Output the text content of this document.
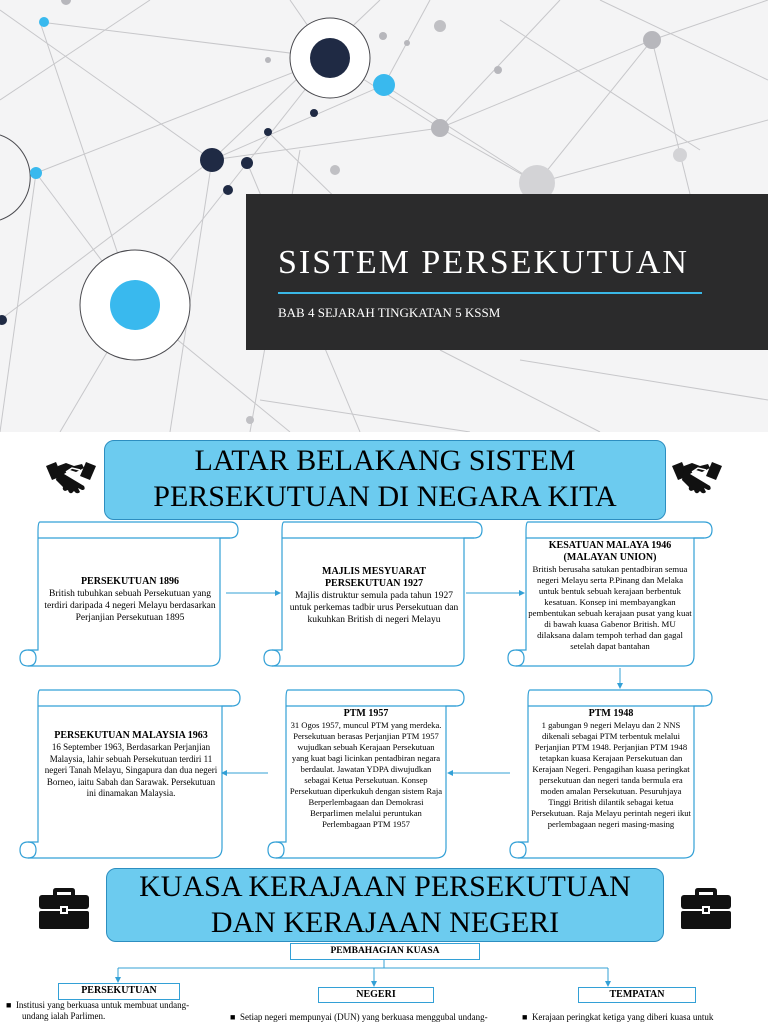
SISTEM PERSEKUTUAN
BAB 4 SEJARAH TINGKATAN 5 KSSM
LATAR BELAKANG SISTEM
PERSEKUTUAN DI NEGARA KITA
PERSEKUTUAN 1896
British tubuhkan sebuah Persekutuan yang terdiri daripada 4 negeri Melayu berdasarkan Perjanjian Persekutuan 1895
MAJLIS MESYUARAT PERSEKUTUAN 1927
Majlis distruktur semula pada tahun 1927 untuk perkemas tadbir urus Persekutuan dan kukuhkan British di negeri Melayu
KESATUAN MALAYA 1946 (MALAYAN UNION)
British berusaha satukan pentadbiran semua negeri Melayu serta P.Pinang dan Melaka untuk bentuk sebuah kerajaan berbentuk kesatuan. Konsep ini membayangkan pembentukan sebuah kerajaan pusat yang kuat di bawah kuasa Gabenor British. MU dilaksana dalam tempoh terhad dan gagal setelah dapat bantahan
PTM 1948
1 gabungan 9 negeri Melayu dan 2 NNS dikenali sebagai PTM terbentuk melalui Perjanjian PTM 1948. Perjanjian PTM 1948 tetapkan kuasa Kerajaan Persekutuan dan Kerajaan Negeri. Pengagihan kuasa peringkat persekutuan dan negeri tanda bermula era moden amalan Persekutuan. Pesuruhjaya Tinggi British dilantik sebagai ketua Persekutuan. Raja Melayu perintah negeri ikut perlembagaan negeri masing-masing
PTM 1957
31 Ogos 1957, muncul PTM yang merdeka. Persekutuan berasas Perjanjian PTM 1957 wujudkan sebuah Kerajaan Persekutuan yang kuat bagi licinkan pentadbiran negara berdaulat. Jawatan YDPA diwujudkan sebagai Ketua Persekutuan. Konsep Persekutuan diperkukuh dengan sistem Raja Berperlembagaan dan Demokrasi Berparlimen melalui peruntukan Perlembagaan PTM 1957
PERSEKUTUAN MALAYSIA 1963
16 September 1963, Berdasarkan Perjanjian Malaysia, lahir sebuah Persekutuan terdiri 11 negeri Tanah Melayu, Singapura dan dua negeri Borneo, iaitu Sabah dan Sarawak. Persekutuan ini dinamakan Malaysia.
KUASA KERAJAAN PERSEKUTUAN
DAN KERAJAAN NEGERI
PEMBAHAGIAN KUASA
PERSEKUTUAN	NEGERI	TEMPATAN
■  Institusi yang berkuasa untuk membuat undang-
undang ialah Parlimen.	■  Setiap negeri mempunyai (DUN) yang berkuasa menggubal undang-	■  Kerajaan peringkat ketiga yang diberi kuasa untuk
